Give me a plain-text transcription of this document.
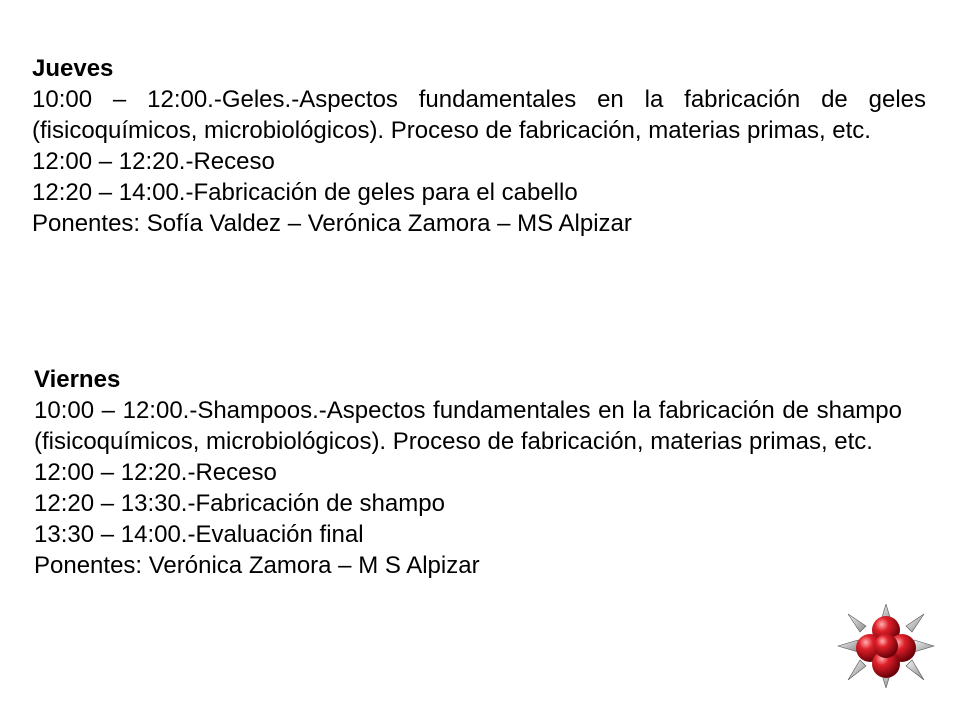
Jueves

10:00 – 12:00.-Geles.-Aspectos fundamentales en la fabricación de geles (fisicoquímicos, microbiológicos). Proceso de fabricación, materias primas, etc.

12:00 – 12:20.-Receso

12:20 – 14:00.-Fabricación de geles para el cabello

Ponentes: Sofía Valdez – Verónica Zamora – MS Alpizar

Viernes

10:00 – 12:00.-Shampoos.-Aspectos fundamentales en la fabricación de shampo (fisicoquímicos, microbiológicos). Proceso de fabricación, materias primas, etc.

12:00 – 12:20.-Receso

12:20 – 13:30.-Fabricación de shampo

13:30 – 14:00.-Evaluación final

Ponentes: Verónica Zamora – M S Alpizar
